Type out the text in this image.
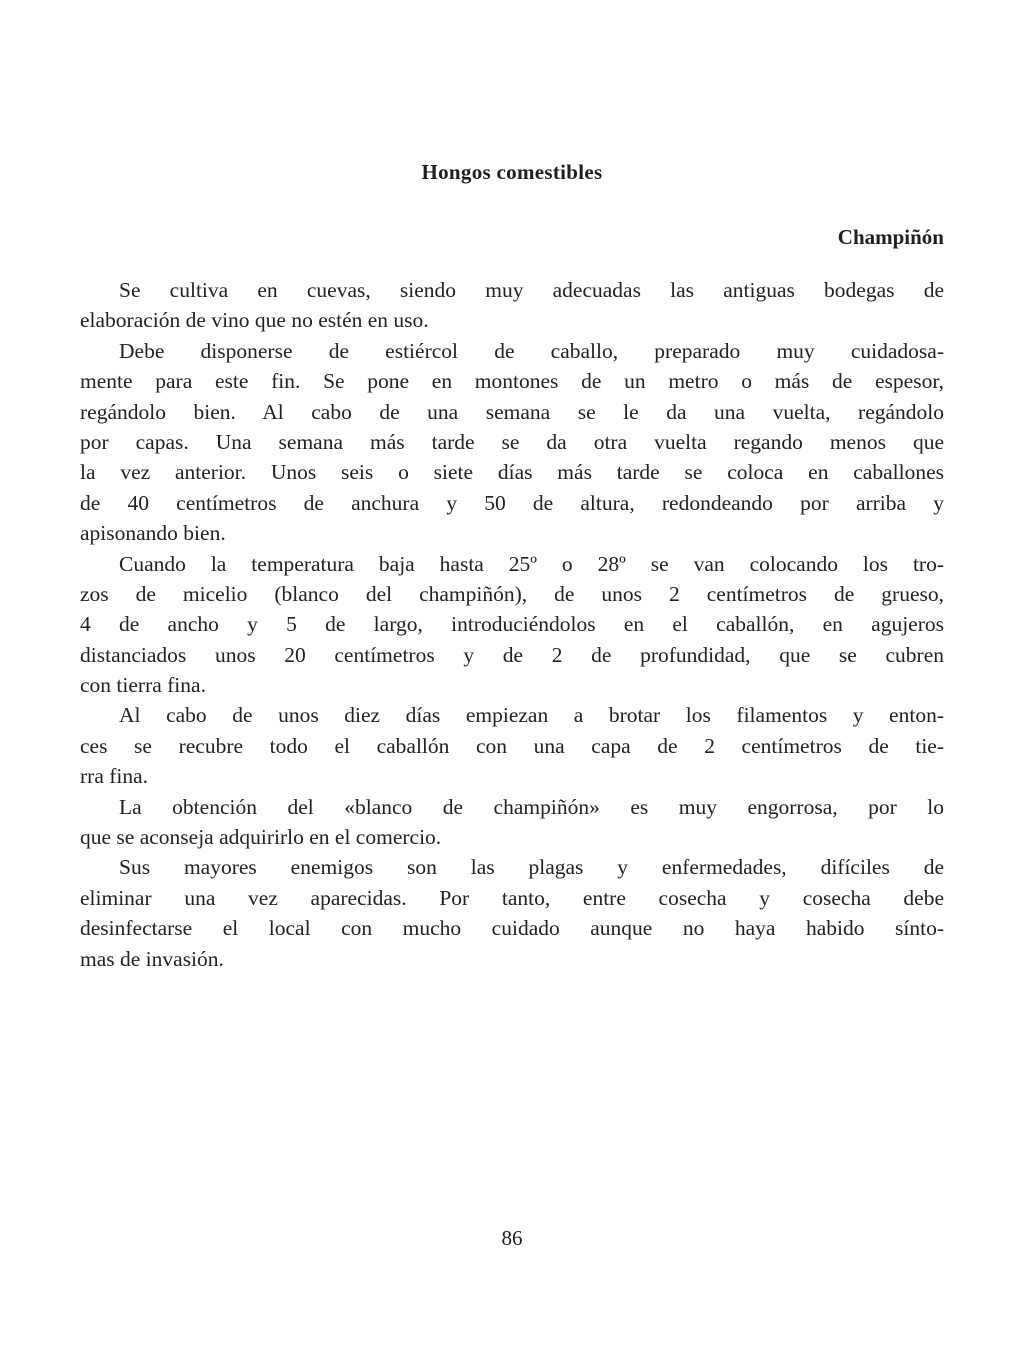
Hongos comestibles
Champiñón

Se cultiva en cuevas, siendo muy adecuadas las antiguas bodegas de
elaboración de vino que no estén en uso.

Debe disponerse de estiércol de caballo, preparado muy cuidadosa-
mente para este fin. Se pone en montones de un metro o más de espesor,
regándolo bien. Al cabo de una semana se le da una vuelta, regándolo
por capas. Una semana más tarde se da otra vuelta regando menos que
la vez anterior. Unos seis o siete días más tarde se coloca en caballones
de 40 centímetros de anchura y 50 de altura, redondeando por arriba y
apisonando bien.

Cuando la temperatura baja hasta 25º o 28º se van colocando los tro-
zos de micelio (blanco del champiñón), de unos 2 centímetros de grueso,
4 de ancho y 5 de largo, introduciéndolos en el caballón, en agujeros
distanciados unos 20 centímetros y de 2 de profundidad, que se cubren
con tierra fina.

Al cabo de unos diez días empiezan a brotar los filamentos y enton-
ces se recubre todo el caballón con una capa de 2 centímetros de tie-
rra fina.

La obtención del «blanco de champiñón» es muy engorrosa, por lo
que se aconseja adquirirlo en el comercio.

Sus mayores enemigos son las plagas y enfermedades, difíciles de
eliminar una vez aparecidas. Por tanto, entre cosecha y cosecha debe
desinfectarse el local con mucho cuidado aunque no haya habido sínto-
mas de invasión.

86
